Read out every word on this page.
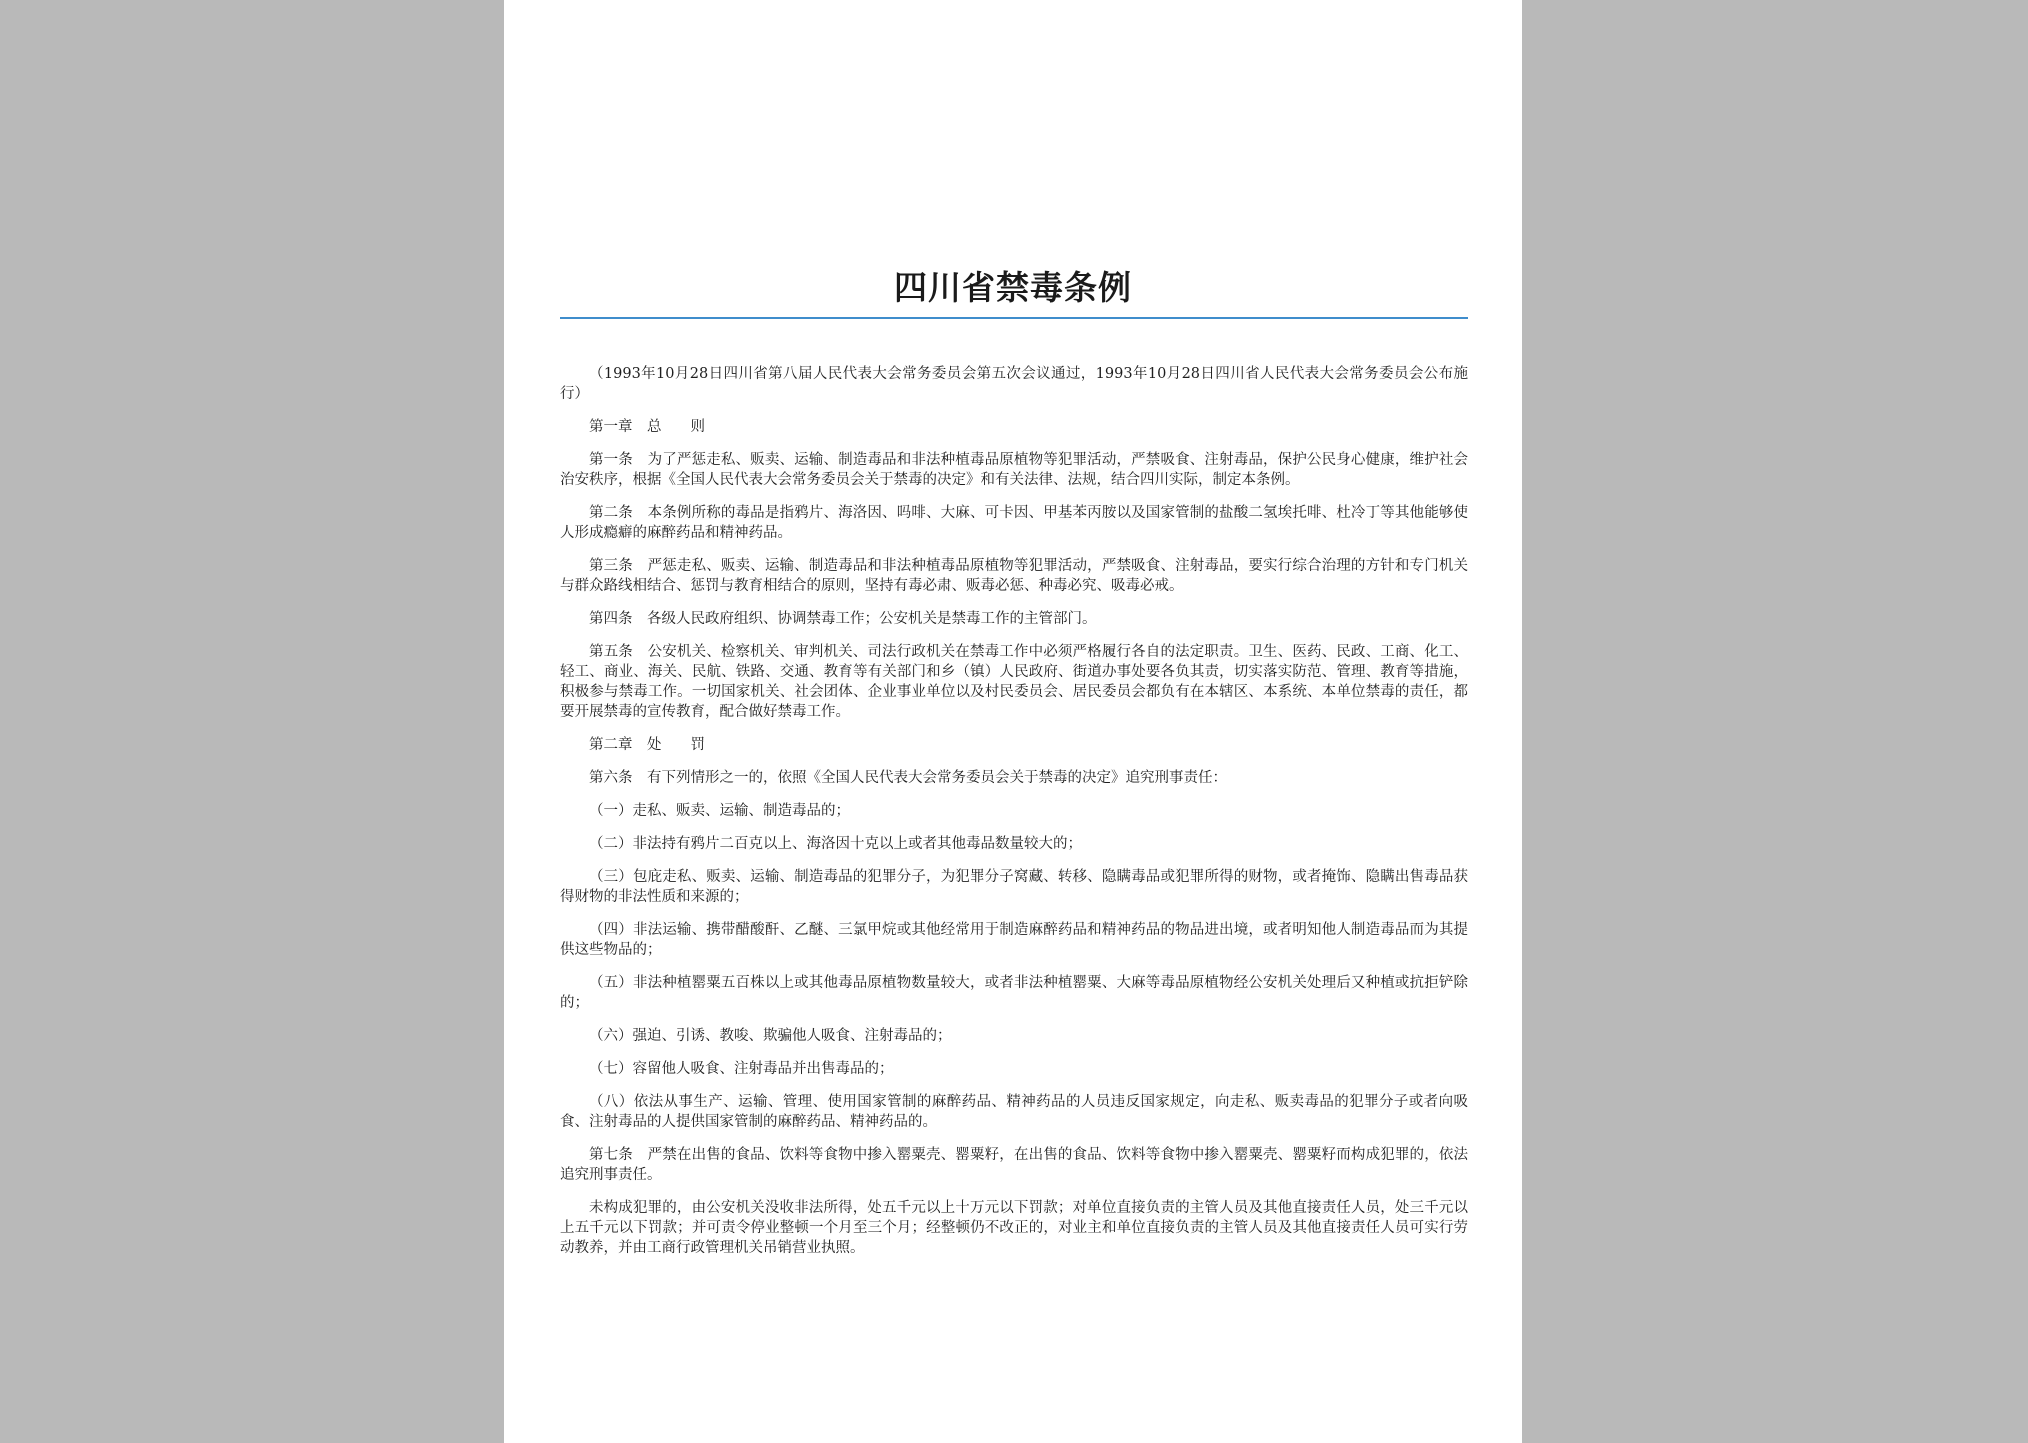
四川省禁毒条例

（1993年10月28日四川省第八届人民代表大会常务委员会第五次会议通过，1993年10月28日四川省人民代表大会常务委员会公布施行）

第一章　总　　则

第一条　为了严惩走私、贩卖、运输、制造毒品和非法种植毒品原植物等犯罪活动，严禁吸食、注射毒品，保护公民身心健康，维护社会治安秩序，根据《全国人民代表大会常务委员会关于禁毒的决定》和有关法律、法规，结合四川实际，制定本条例。

第二条　本条例所称的毒品是指鸦片、海洛因、吗啡、大麻、可卡因、甲基苯丙胺以及国家管制的盐酸二氢埃托啡、杜冷丁等其他能够使人形成瘾癖的麻醉药品和精神药品。

第三条　严惩走私、贩卖、运输、制造毒品和非法种植毒品原植物等犯罪活动，严禁吸食、注射毒品，要实行综合治理的方针和专门机关与群众路线相结合、惩罚与教育相结合的原则，坚持有毒必肃、贩毒必惩、种毒必究、吸毒必戒。

第四条　各级人民政府组织、协调禁毒工作；公安机关是禁毒工作的主管部门。

第五条　公安机关、检察机关、审判机关、司法行政机关在禁毒工作中必须严格履行各自的法定职责。卫生、医药、民政、工商、化工、轻工、商业、海关、民航、铁路、交通、教育等有关部门和乡（镇）人民政府、街道办事处要各负其责，切实落实防范、管理、教育等措施，积极参与禁毒工作。一切国家机关、社会团体、企业事业单位以及村民委员会、居民委员会都负有在本辖区、本系统、本单位禁毒的责任，都要开展禁毒的宣传教育，配合做好禁毒工作。

第二章　处　　罚

第六条　有下列情形之一的，依照《全国人民代表大会常务委员会关于禁毒的决定》追究刑事责任：

（一）走私、贩卖、运输、制造毒品的；

（二）非法持有鸦片二百克以上、海洛因十克以上或者其他毒品数量较大的；

（三）包庇走私、贩卖、运输、制造毒品的犯罪分子，为犯罪分子窝藏、转移、隐瞒毒品或犯罪所得的财物，或者掩饰、隐瞒出售毒品获得财物的非法性质和来源的；

（四）非法运输、携带醋酸酐、乙醚、三氯甲烷或其他经常用于制造麻醉药品和精神药品的物品进出境，或者明知他人制造毒品而为其提供这些物品的；

（五）非法种植罂粟五百株以上或其他毒品原植物数量较大，或者非法种植罂粟、大麻等毒品原植物经公安机关处理后又种植或抗拒铲除的；

（六）强迫、引诱、教唆、欺骗他人吸食、注射毒品的；

（七）容留他人吸食、注射毒品并出售毒品的；

（八）依法从事生产、运输、管理、使用国家管制的麻醉药品、精神药品的人员违反国家规定，向走私、贩卖毒品的犯罪分子或者向吸食、注射毒品的人提供国家管制的麻醉药品、精神药品的。

第七条　严禁在出售的食品、饮料等食物中掺入罂粟壳、罂粟籽，在出售的食品、饮料等食物中掺入罂粟壳、罂粟籽而构成犯罪的，依法追究刑事责任。

未构成犯罪的，由公安机关没收非法所得，处五千元以上十万元以下罚款；对单位直接负责的主管人员及其他直接责任人员，处三千元以上五千元以下罚款；并可责令停业整顿一个月至三个月；经整顿仍不改正的，对业主和单位直接负责的主管人员及其他直接责任人员可实行劳动教养，并由工商行政管理机关吊销营业执照。
